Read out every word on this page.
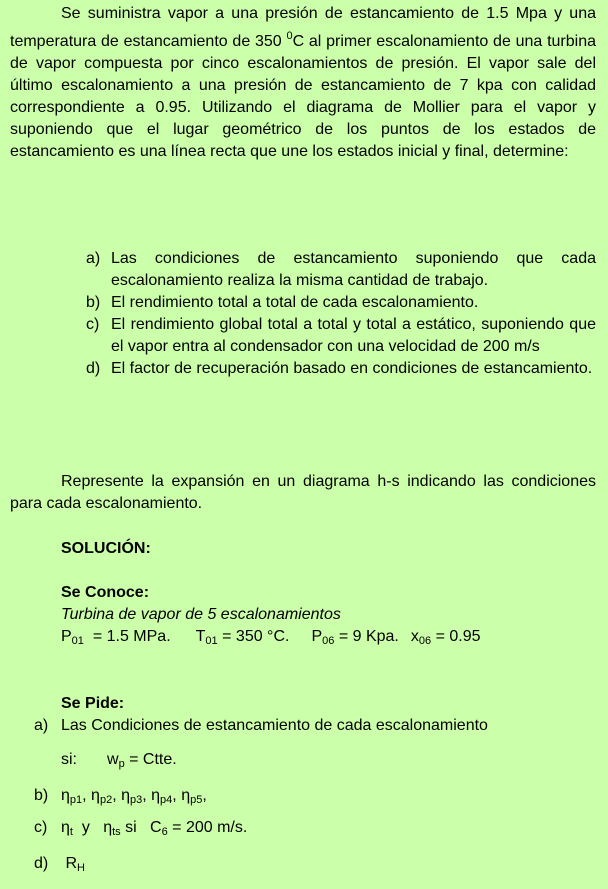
Se suministra vapor a una presión de estancamiento de 1.5 Mpa y una temperatura de estancamiento de 350 $^0$C al primer escalonamiento de una turbina de vapor compuesta por cinco escalonamientos de presión. El vapor sale del último escalonamiento a una presión de estancamiento de 7 kpa con calidad correspondiente a 0.95. Utilizando el diagrama de Mollier para el vapor y suponiendo que el lugar geométrico de los puntos de los estados de estancamiento es una línea recta que une los estados inicial y final, determine:

a) Las condiciones de estancamiento suponiendo que cada escalonamiento realiza la misma cantidad de trabajo.
b) El rendimiento total a total de cada escalonamiento.
c) El rendimiento global total a total y total a estático, suponiendo que el vapor entra al condensador con una velocidad de 200 m/s
d) El factor de recuperación basado en condiciones de estancamiento.

Represente la expansión en un diagrama h-s indicando las condiciones para cada escalonamiento.

SOLUCIÓN:

Se Conoce:

Turbina de vapor de 5 escalonamientos

$P_{01} = 1.5$ MPa. $T_{01} = 350$ °C. $P_{06} = 9$ Kpa. $x_{06} = 0.95$

Se Pide:

a) Las Condiciones de estancamiento de cada escalonamiento
si: $w_p$ = Ctte.
b) $\eta_{p1}$, $\eta_{p2}$, $\eta_{p3}$, $\eta_{p4}$, $\eta_{p5}$,
c) $\eta_t$ y $\eta_{ts}$ si $C_6 = 200$ m/s.
d)	$R_H$
